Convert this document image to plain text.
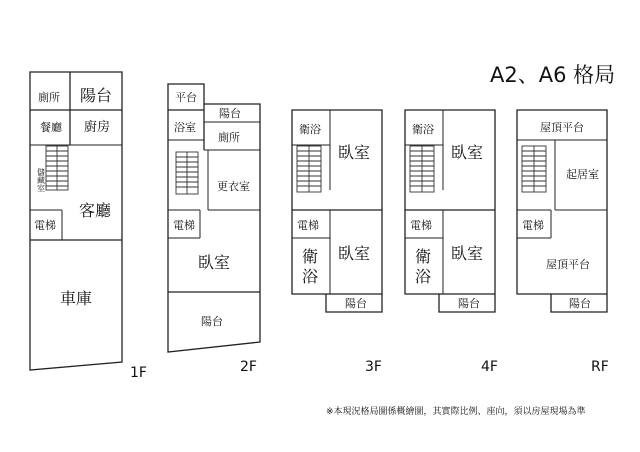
A2、A6 格局
廁所 陽台
餐廳 廚房
儲藏室
電梯
客廳
車庫
1F
平台
陽台
浴室
廁所
更衣室
電梯
臥室
陽台
2F
衛浴
臥室
電梯
衛
浴
臥室
陽台
3F
衛浴
臥室
電梯
衛
浴
臥室
陽台
4F
屋頂平台
起居室
電梯
屋頂平台
陽台
RF
※本現況格局圖係概繪圖，其實際比例、座向，須以房屋現場為準
